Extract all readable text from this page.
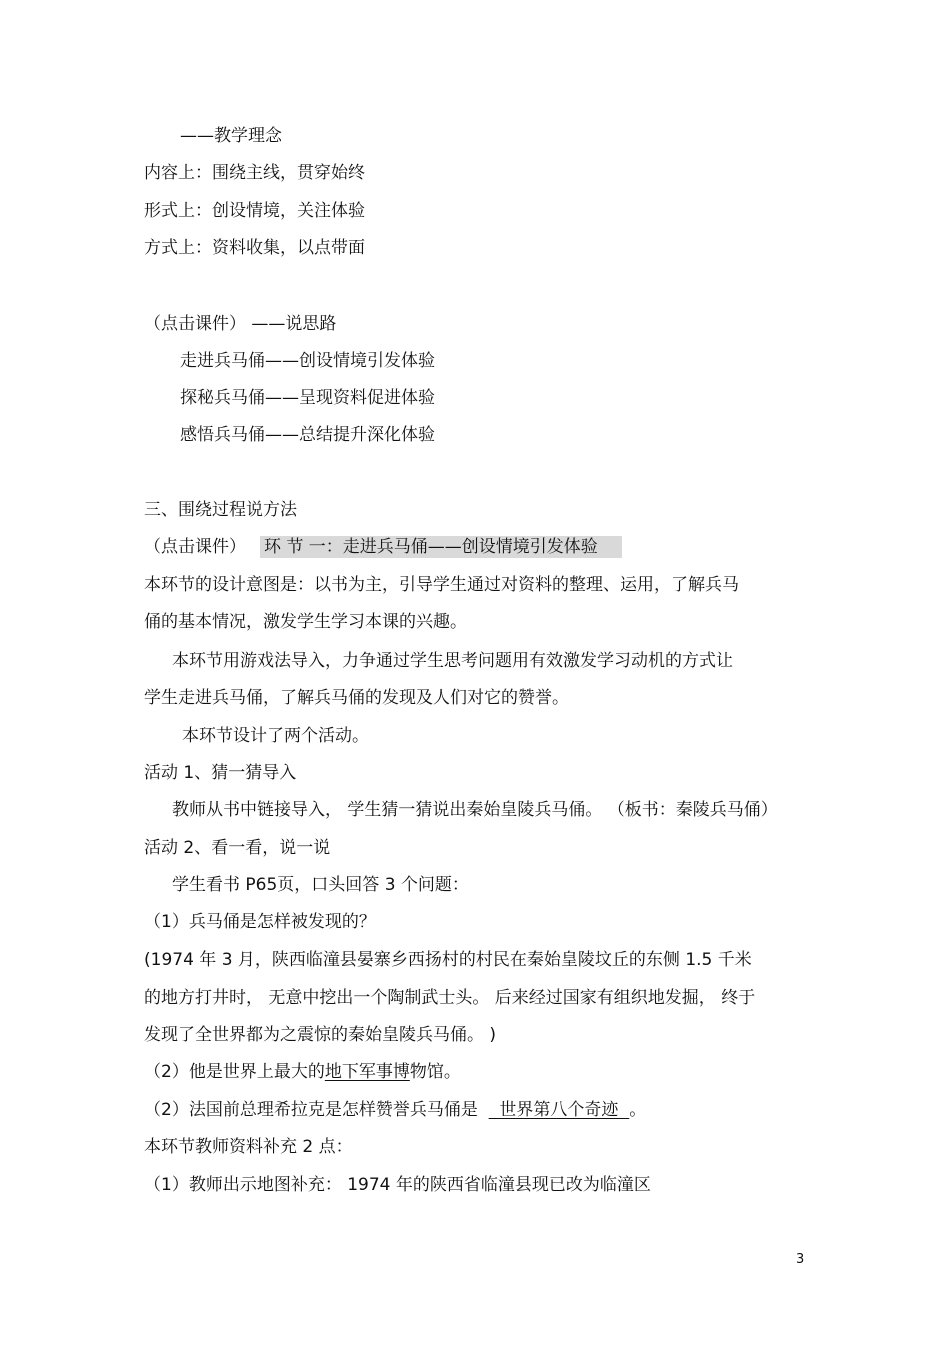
——教学理念
内容上：围绕主线，贯穿始终
形式上：创设情境，关注体验
方式上：资料收集，以点带面
（点击课件） ——说思路
走进兵马俑——创设情境引发体验
探秘兵马俑——呈现资料促进体验
感悟兵马俑——总结提升深化体验
三、围绕过程说方法
（点击课件） 环 节 一：走进兵马俑——创设情境引发体验
本环节的设计意图是：以书为主，引导学生通过对资料的整理、运用，了解兵马
俑的基本情况，激发学生学习本课的兴趣。
本环节用游戏法导入，力争通过学生思考问题用有效激发学习动机的方式让
学生走进兵马俑，了解兵马俑的发现及人们对它的赞誉。
本环节设计了两个活动。
活动 1、猜一猜导入
教师从书中链接导入， 学生猜一猜说出秦始皇陵兵马俑。 （板书：秦陵兵马俑）
活动 2、看一看，说一说
学生看书 P65页，口头回答 3 个问题：
（1）兵马俑是怎样被发现的？
(1974 年 3 月，陕西临潼县晏寨乡西扬村的村民在秦始皇陵坟丘的东侧 1.5 千米
的地方打井时， 无意中挖出一个陶制武士头。 后来经过国家有组织地发掘， 终于
发现了全世界都为之震惊的秦始皇陵兵马俑。 )
（2）他是世界上最大的地下军事博物馆。
（2）法国前总理希拉克是怎样赞誉兵马俑是    世界第八个奇迹  。
本环节教师资料补充 2 点：
（1）教师出示地图补充： 1974 年的陕西省临潼县现已改为临潼区
3
